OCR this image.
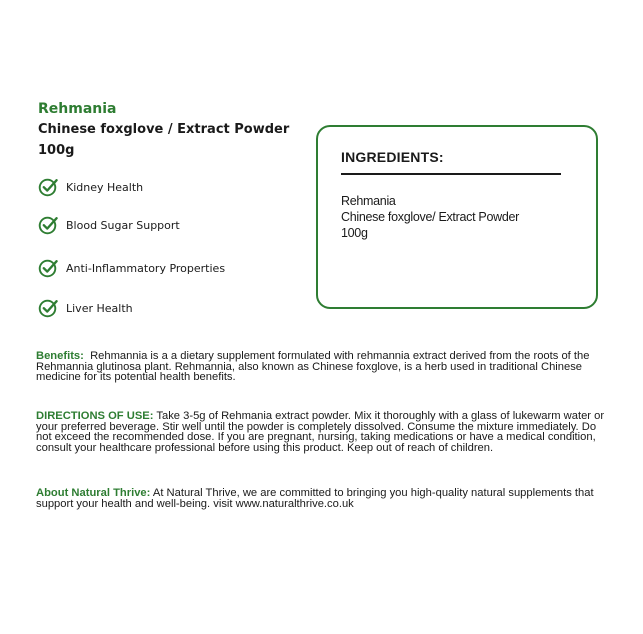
Rehmania
Chinese foxglove / Extract Powder
100g
Kidney Health
Blood Sugar Support
Anti-Inflammatory Properties
Liver Health
INGREDIENTS:
Rehmania
Chinese foxglove/ Extract Powder
100g
Benefits: Rehmannia is a a dietary supplement formulated with rehmannia extract derived from the roots of the Rehmannia glutinosa plant. Rehmannia, also known as Chinese foxglove, is a herb used in traditional Chinese medicine for its potential health benefits.
DIRECTIONS OF USE: Take 3-5g of Rehmania extract powder. Mix it thoroughly with a glass of lukewarm water or your preferred beverage. Stir well until the powder is completely dissolved. Consume the mixture immediately. Do not exceed the recommended dose. If you are pregnant, nursing, taking medications or have a medical condition, consult your healthcare professional before using this product. Keep out of reach of children.
About Natural Thrive: At Natural Thrive, we are committed to bringing you high-quality natural supplements that support your health and well-being. visit www.naturalthrive.co.uk
